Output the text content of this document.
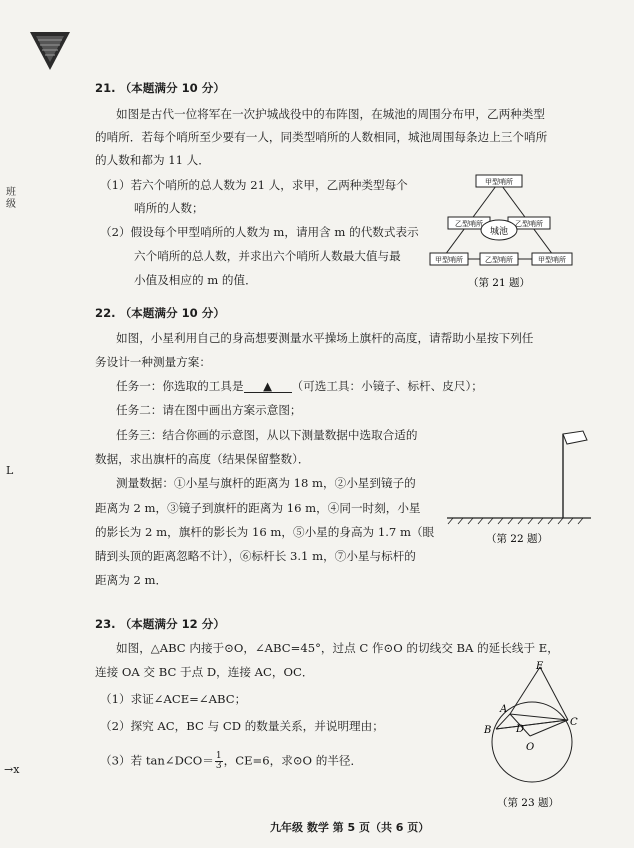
班
级
→x
L
21. （本题满分 10 分）
如图是古代一位将军在一次护城战役中的布阵图，在城池的周围分布甲，乙两种类型
的哨所．若每个哨所至少要有一人，同类型哨所的人数相同，城池周围每条边上三个哨所
的人数和都为 11 人．
（1）若六个哨所的总人数为 21 人，求甲，乙两种类型每个
哨所的人数；
（2）假设每个甲型哨所的人数为 m，请用含 m 的代数式表示
六个哨所的总人数，并求出六个哨所人数最大值与最
小值及相应的 m 的值．
甲型哨所
乙型哨所	乙型哨所
城池
甲型哨所	乙型哨所	甲型哨所
（第 21 题）
22. （本题满分 10 分）
如图，小星利用自己的身高想要测量水平操场上旗杆的高度，请帮助小星按下列任
务设计一种测量方案：
任务一：你选取的工具是 ▲ （可选工具：小镜子、标杆、皮尺）；
任务二：请在图中画出方案示意图；
任务三：结合你画的示意图，从以下测量数据中选取合适的
数据，求出旗杆的高度（结果保留整数）．
测量数据：①小星与旗杆的距离为 18 m，②小星到镜子的
距离为 2 m，③镜子到旗杆的距离为 16 m，④同一时刻，小星
的影长为 2 m，旗杆的影长为 16 m，⑤小星的身高为 1.7 m（眼
睛到头顶的距离忽略不计），⑥标杆长 3.1 m，⑦小星与标杆的
距离为 2 m．
（第 22 题）
23. （本题满分 12 分）
如图，△ABC 内接于⊙O，∠ABC=45°，过点 C 作⊙O 的切线交 BA 的延长线于 E，
连接 OA 交 BC 于点 D，连接 AC，OC．
（1）求证∠ACE=∠ABC；
（2）探究 AC，BC 与 CD 的数量关系，并说明理由；
（3）若 tan∠DCO＝ $\frac{1}{3}$ ，CE=6，求⊙O 的半径．
E
A
B
C
D
O
（第 23 题）
九年级 数学 第 5 页（共 6 页）
